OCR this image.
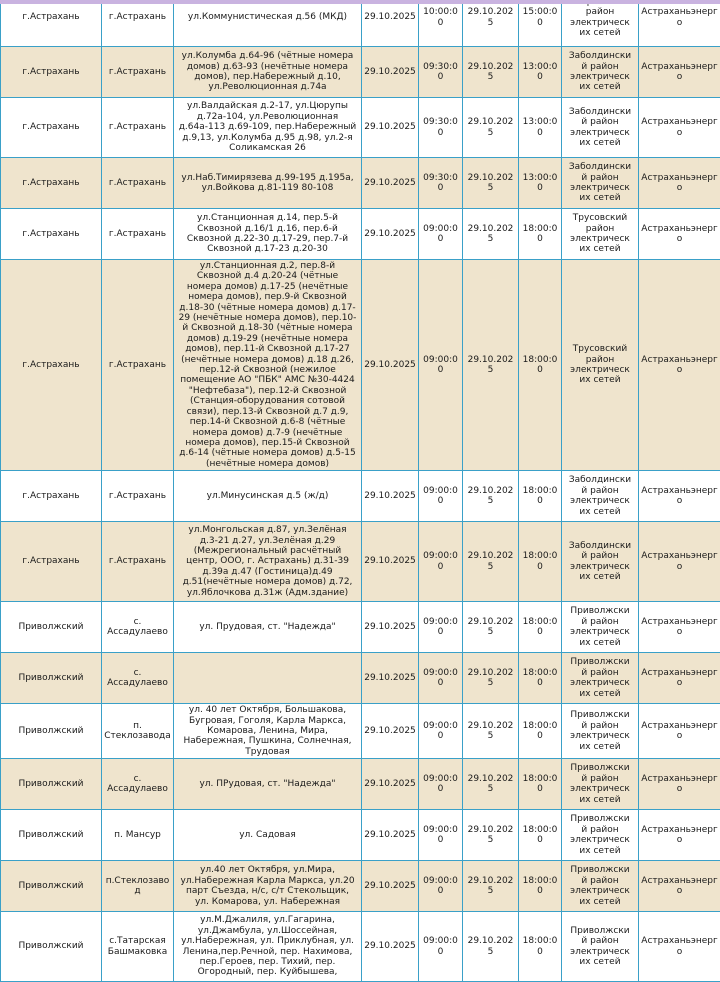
г.Астрахань	г.Астрахань	ул.Коммунистическая д.56 (МКД)	29.10.2025	10:00:00	29.10.2025	15:00:00	район электрических сетей	Астраханьэнерго
г.Астрахань	г.Астрахань	ул.Колумба д.64-96 (чётные номера домов) д.63-93 (нечётные номера домов), пер.Набережный д.10, ул.Революционная д.74а	29.10.2025	09:30:00	29.10.2025	13:00:00	Заболдинский район электрических сетей	Астраханьэнерго
г.Астрахань	г.Астрахань	ул.Валдайская д.2-17, ул.Цюрупы д.72а-104, ул.Революционная д.64а-113 д.69-109, пер.Набережный д.9,13, ул.Колумба д.95 д.98, ул.2-я Соликамская 26	29.10.2025	09:30:00	29.10.2025	13:00:00	Заболдинский район электрических сетей	Астраханьэнерго
г.Астрахань	г.Астрахань	ул.Наб.Тимирязева д.99-195 д.195а, ул.Войкова д.81-119 80-108	29.10.2025	09:30:00	29.10.2025	13:00:00	Заболдинский район электрических сетей	Астраханьэнерго
г.Астрахань	г.Астрахань	ул.Станционная д.14, пер.5-й Сквозной д.16/1 д.16, пер.6-й Сквозной д.22-30 д.17-29, пер.7-й Сквозной д.17-23 д.20-30	29.10.2025	09:00:00	29.10.2025	18:00:00	Трусовский район электрических сетей	Астраханьэнерго
г.Астрахань	г.Астрахань	ул.Станционная д.2, пер.8-й Сквозной д.4 д.20-24 (чётные номера домов) д.17-25 (нечётные номера домов), пер.9-й Сквозной д.18-30 (чётные номера домов) д.17-29 (нечётные номера домов), пер.10-й Сквозной д.18-30 (чётные номера домов) д.19-29 (нечётные номера домов), пер.11-й Сквозной д.17-27 (нечётные номера домов) д.18 д.26, пер.12-й Сквозной (нежилое помещение АО "ПБК" АМС №30-4424 "Нефтебаза"), пер.12-й Сквозной (Станция-оборудования сотовой связи), пер.13-й Сквозной д.7 д.9, пер.14-й Сквозной д.6-8 (чётные номера домов) д.7-9 (нечётные номера домов), пер.15-й Сквозной д.6-14 (чётные номера домов) д.5-15 (нечётные номера домов)	29.10.2025	09:00:00	29.10.2025	18:00:00	Трусовский район электрических сетей	Астраханьэнерго
г.Астрахань	г.Астрахань	ул.Минусинская д.5 (ж/д)	29.10.2025	09:00:00	29.10.2025	18:00:00	Заболдинский район электрических сетей	Астраханьэнерго
г.Астрахань	г.Астрахань	ул.Монгольская д.87, ул.Зелёная д.3-21 д.27, ул.Зелёная д.29 (Межрегиональный расчётный центр, ООО, г. Астрахань) д.31-39 д.39а д.47 (Гостиница)д.49 д.51(нечётные номера домов) д.72, ул.Яблочкова д.31ж (Адм.здание)	29.10.2025	09:00:00	29.10.2025	18:00:00	Заболдинский район электрических сетей	Астраханьэнерго
Приволжский	с. Ассадулаево	ул. Прудовая, ст. "Надежда"	29.10.2025	09:00:00	29.10.2025	18:00:00	Приволжский район электрических сетей	Астраханьэнерго
Приволжский	с. Ассадулаево		29.10.2025	09:00:00	29.10.2025	18:00:00	Приволжский район электрических сетей	Астраханьэнерго
Приволжский	п. Стеклозавода	ул. 40 лет Октября, Большакова, Бугровая, Гоголя, Карла Маркса, Комарова, Ленина, Мира, Набережная, Пушкина, Солнечная, Трудовая	29.10.2025	09:00:00	29.10.2025	18:00:00	Приволжский район электрических сетей	Астраханьэнерго
Приволжский	с. Ассадулаево	ул. ПРудовая, ст. "Надежда"	29.10.2025	09:00:00	29.10.2025	18:00:00	Приволжский район электрических сетей	Астраханьэнерго
Приволжский	п. Мансур	ул. Садовая	29.10.2025	09:00:00	29.10.2025	18:00:00	Приволжский район электрических сетей	Астраханьэнерго
Приволжский	п.Стеклозавод	ул.40 лет Октября, ул.Мира, ул.Набережная Карла Маркса, ул.20 парт Съезда, н/с, с/т Стекольщик, ул. Комарова, ул. Набережная	29.10.2025	09:00:00	29.10.2025	18:00:00	Приволжский район электрических сетей	Астраханьэнерго
Приволжский	с.Татарская Башмаковка	ул.М.Джалиля, ул.Гагарина, ул.Джамбула, ул.Шоссейная, ул.Набережная, ул. Приклубная, ул. Ленина,пер.Речной, пер. Нахимова, пер.Героев, пер. Тихий, пер. Огородный, пер. Куйбышева,	29.10.2025	09:00:00	29.10.2025	18:00:00	Приволжский район электрических сетей	Астраханьэнерго
